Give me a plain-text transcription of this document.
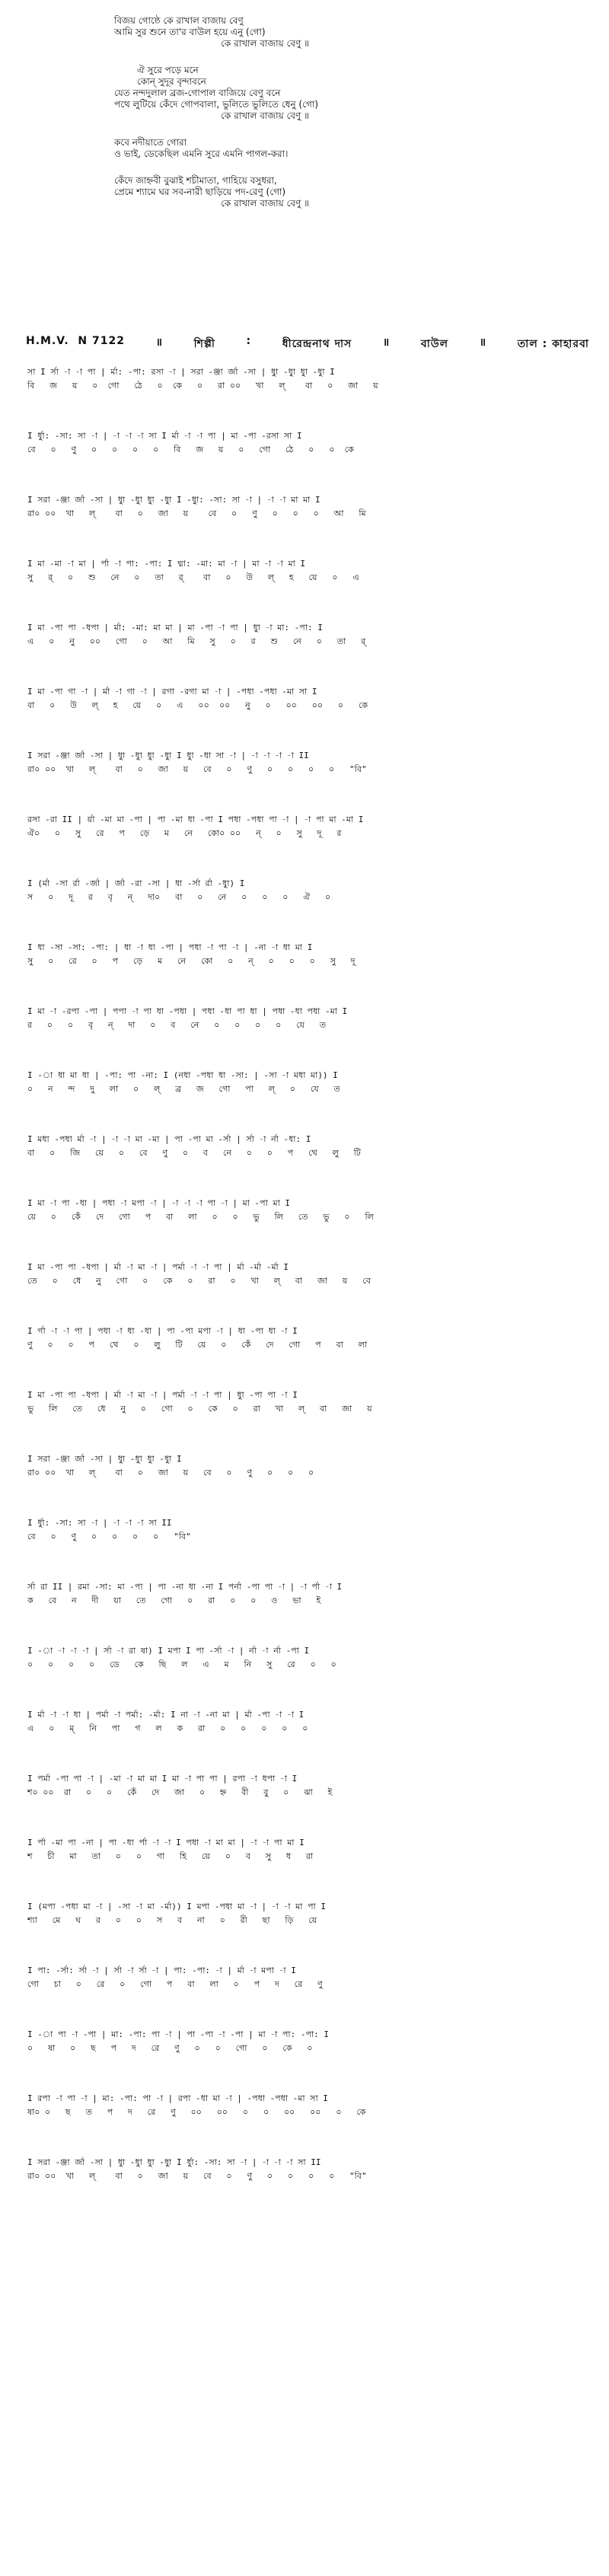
বিজয় গোষ্ঠে কে রাখাল বাজায় বেণু
আমি সুর শুনে তা'র বাউল হয়ে এনু (গো)
কে রাখাল বাজায় বেণু ॥
ঐ সুরে পড়ে মনে
কোন্ সুদূর বৃন্দাবনে
যেত নন্দদুলাল ব্রজ-গোপাল বাজিয়ে বেণু বনে
পথে লুটিয়ে কেঁদে গোপবালা, ভুলিতে ভুলিতে ধেনু (গো)
কে রাখাল বাজায় বেণু ॥
কবে নদীয়াতে গোরা
ও ভাই, ডেকেছিল এমনি সুরে এমনি পাগল-করা।
কেঁদে জাহ্নবী বুঝাই শচীমাতা, গাহিয়ে বসুধরা,
প্রেমে শ্যামে ঘর সব-নারী ছাড়িয়ে পদ-রেণু (গো)
কে রাখাল বাজায় বেণু ॥
H.M.V.  N 7122	॥	শিল্পী	:	ধীরেন্দ্রনাথ দাস	॥	বাউল	॥	তাল : কাহারবা
সা I র্সা -া -া পা | র্মা: -পা: রসা -া | সরা -ঞ্জা র্জা -সা | ধুা -ধুা ধুা -ধুা I
বি   জ   য়   ০  গো   ঠে   ০  কে   ০   রা ০০   খা   ল্    বা   ০   জা   য়
I র্ধুা: -সা: সা -া | -া -া -া সা I র্মা -া -া পা | মা -পা -রসা সা I
বে   ০   ণু   ০   ০   ০   ০   বি   জ   য়   ০   গো   ঠে   ০   ০  কে
I সরা -ঞ্জা র্জা -সা | ধুা -ধুা ধুা -ধুা I -ধুা: -সা: সা -া | -া -া মা মা I
রা০ ০০  খা   ল্    বা   ০   জা   য়    বে   ০   ণু   ০   ০   ০   আ   মি
I মা -মা -া মা | র্পা -া পা: -পা: I ধ্মা: -মা: মা -া | মা -া -া মা I
সু   র্   ০   শু   নে   ০   তা   র্    বা   ০   উ   ল্   হ   য়ে   ০   এ
I মা -পা পা -ধপা | র্মা: -মা: মা মা | মা -পা -া পা | ধুা -া মা: -পা: I
এ   ০   নু   ০০   গো   ০   আ   মি   সু   ০   র   শু   নে   ০   তা   র্
I মা -পা গা -া | র্মা -া গা -া | রগা -রগা মা -া | -পধা -পধা -মা সা I
বা   ০   উ   ল্   হ   য়ে   ০   এ   ০০  ০০   নু   ০   ০০   ০০   ০   কে
I সরা -ঞ্জা র্জা -সা | ধুা -ধুা ধুা -ধুা I ধুা -ধা সা -া | -া -া -া -া II
রা০ ০০  খা   ল্    বা   ০   জা   য়   বে   ০   ণু   ০   ০   ০   ০   "বি"
রসা -রা II | র্য়া -মা মা -পা | পা -মা ধা -পা I পধা -পধা পা -া | -া পা মা -মা I
ঐ০   ০   সু   রে   প   ড়ে   ম   নে   কো০ ০০   ন্   ০   সু   দূ   র
I (র্মা -সা র্রা -র্জা | র্জা -রা -সা | ধা -র্সা র্রা -ধুা) I
স   ০   দূ   র   বৃ   ন্   দা০   বা   ০   নে   ০   ০   ০   ঐ   ০
I ধা -সা -সা: -পা: | ধা -া ধা -পা | পধা -া পা -া | -না -া ধা মা I
সু   ০   রে   ০   প   ড়ে   ম   নে   কো   ০   ন্   ০   ০   ০   সু   দূ
I মা -া -রপা -পা | পপা -া পা ধা -পধা | পধা -ধা পা ধা | পধা -ধা পধা -মা I
র   ০   ০   বৃ   ন্   দা   ০   ব   নে   ০   ০   ০   ০   যে   ত
I -া ধা মা ধা | -পা: পা -না: I (নধা -পধা ধা -সা: | -সা -া মধা মা)) I
০   ন   ন্দ   দু   লা   ০   ল্   ব্র   জ   গো   পা   ল্   ০   যে   ত
I মধা -পধা র্মা -া | -া -া মা -মা | পা -পা মা -র্সা | র্সা -া র্না -ধা: I
বা   ০   জি   য়ে   ০   বে   ণু   ০   ব   নে   ০   ০   প   থে   লু   টি
I মা -া পা -ধা | পধা -া মপা -া | -া -া -া পা -া | মা -পা মা I
য়ে   ০   কেঁ   দে   গো   প   বা   লা   ০   ০   ভু   লি   তে   ভু   ০   লি
I মা -পা পা -ধপা | র্মা -া মা -া | পর্মা -া -া পা | র্মা -র্মা -র্মা I
তে   ০   ধে   নু   গো   ০   কে   ০   রা   ০   খা   ল্   বা   জা   য়   বে
I র্গা -া -া পা | পধা -া ধা -ধা | পা -পা মপা -া | ধা -পা ধা -া I
ণু   ০   ০   প   থে   ০   লু   টি   য়ে   ০   কেঁ   দে   গো   প   বা   লা
I মা -পা পা -ধপা | র্মা -া মা -া | পর্মা -া -া পা | ধুা -পা পা -া I
ভু   লি   তে   ধে   নু   ০   গো   ০   কে   ০   রা   খা   ল্   বা   জা   য়
I সরা -ঞ্জা র্জা -সা | ধুা -ধুা ধুা -ধুা I
রা০ ০০  খা   ল্    বা   ০   জা   য়   বে   ০   ণু   ০   ০   ০
I র্ধুা: -সা: সা -া | -া -া -া সা II
বে   ০   ণু   ০   ০   ০   ০   "বি"
র্সা রা II | রমা -সা: মা -পা | পা -না ধা -না I পর্না -পা পা -া | -া ৰ্পা -া I
ক   বে   ন   দী   য়া   তে   গো   ০   রা   ০   ০   ও   ভা   ই
I -া -া -া -া | র্সা -া রা ষা) I মপা I পা -র্সা -া | র্না -া র্না -পা I
০   ০   ০   ০   ডে   কে   ছি   ল   এ   ম   নি   সু   রে   ০   ০
I র্মা -া -া ধা | পর্মা -া পর্মা: -র্মা: I না -া -না মা | র্মা -পা -া -া I
এ   ০   ম্   নি   পা   গ   ল   ক   রা   ০   ০   ০   ০   ০
I পর্মা -পা পা -া | -মা -া মা মা I মা -া পা পা | রপা -া ধপা -া I
শ০ ০০  রা   ০   ০   কেঁ   দে   জা   ০   হ্ন   বী   বু   ০   ঝা   ই
I র্পা -মা পা -না | পা -ধা র্পা -া -া I পধা -া মা মা | -া -া পা মা I
শ   চী   মা   তা   ০   ০   গা   হি   য়ে   ০   ব   সু   ধ   রা
I (মপা -পধা মা -া | -সা -া মা -র্মা)) I মপা -পধা মা -া | -া -া মা পা I
শ্যা   মে   ঘ   র   ০   ০   স   ব   না   ০   রী   ছা   ড়ি   য়ে
I পা: -র্সা: র্সা -া | র্সা -া র্সা -া | পা: -পা: -া | র্মা -া মপা -া I
গো   চা   ০   রে   ০   গো   প   বা   লা   ০   প   দ   রে   ণু
I -া পা -া -পা | মা: -পা: পা -া | পা -পা -া -পা | মা -া পা: -পা: I
০   ষা   ০   ছ   প   দ   রে   ণু   ০   ০   গো   ০   কে   ০
I রপা -া পা -া | মা: -পা: পা -া | রপা -ধা মা -া | -পধা -পধা -মা সা I
ষা০ ০   ছ   ত   প   দ   রে   ণু   ০০   ০০   ০   ০   ০০   ০০   ০   কে
I সরা -ঞ্জা র্জা -সা | ধুা -ধুা ধুা -ধুা I র্ধুা: -সা: সা -া | -া -া -া সা II
রা০ ০০  খা   ল্    বা   ০   জা   য়   বে   ০   ণু   ০   ০   ০   ০   "বি"
